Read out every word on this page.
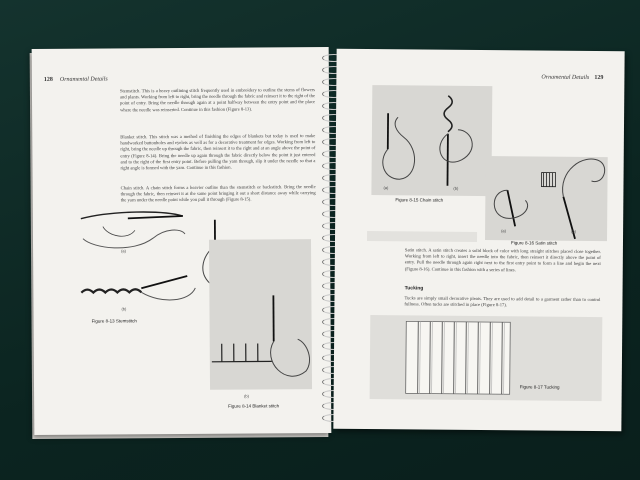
128 Ornamental Details
Stemstitch. This is a heavy outlining stitch frequently used in embroidery to outline the stems of flowers and plants. Working from left to right, bring the needle through the fabric and reinsert it to the right of the point of entry. Bring the needle through again at a point halfway between the entry point and the place where the needle was reinserted. Continue in this fashion (Figure 8-13).
Blanket stitch. This stitch was a method of finishing the edges of blankets but today is used to make handworked buttonholes and eyelets as well as for a decorative treatment for edges. Working from left to right, bring the needle up through the fabric, then reinsert it to the right and at an angle above the point of entry (Figure 8-14). Bring the needle up again through the fabric directly below the point it just entered and to the right of the first entry point. Before pulling the yarn through, slip it under the needle so that a right angle is formed with the yarn. Continue in this fashion.
Chain stitch. A chain stitch forms a heavier outline than the stemstitch or backstitch. Bring the needle through the fabric, then reinsert it at the same point bringing it out a short distance away while carrying the yarn under the needle point while you pull it through (Figure 8-15).
(a)
(b)
Figure 8-13 Stemstitch
(b)
Figure 8-14 Blanket stitch
Ornamental Details 129
(a)	(b)
Figure 8-15 Chain stitch
(a)	(b)
Figure 8-16 Satin stitch
Satin stitch. A satin stitch creates a solid block of color with long straight stitches placed close together. Working from left to right, insert the needle into the fabric, then reinsert it directly above the point of entry. Pull the needle through again right next to the first entry point to form a line and begin the next (Figure 8-16). Continue in this fashion with a series of lines.
Tucking
Tucks are simply small decorative pleats. They are used to add detail to a garment rather than to control fullness. Often tucks are stitched in place (Figure 8-17).
Figure 8-17 Tucking
